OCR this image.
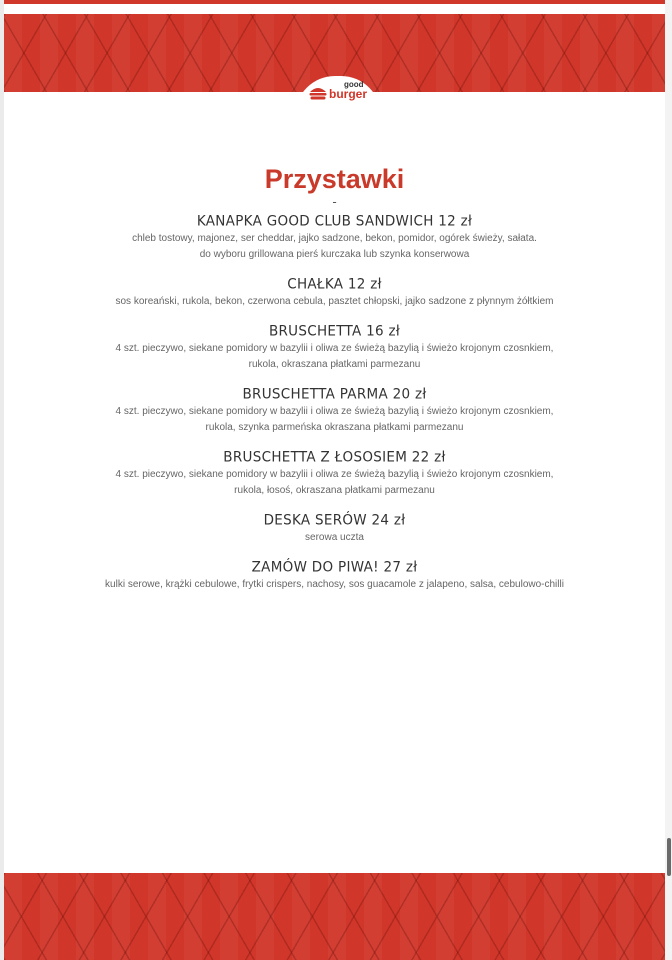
good
burger
Przystawki
-

KANAPKA GOOD CLUB SANDWICH 12 zł

chleb tostowy, majonez, ser cheddar, jajko sadzone, bekon, pomidor, ogórek świeży, sałata.

do wyboru grillowana pierś kurczaka lub szynka konserwowa

CHAŁKA 12 zł

sos koreański, rukola, bekon, czerwona cebula, pasztet chłopski, jajko sadzone z płynnym żółtkiem

BRUSCHETTA 16 zł

4 szt. pieczywo, siekane pomidory w bazylii i oliwa ze świeżą bazylią i świeżo krojonym czosnkiem,

rukola, okraszana płatkami parmezanu

BRUSCHETTA PARMA 20 zł

4 szt. pieczywo, siekane pomidory w bazylii i oliwa ze świeżą bazylią i świeżo krojonym czosnkiem,

rukola, szynka parmeńska okraszana płatkami parmezanu

BRUSCHETTA Z ŁOSOSIEM 22 zł

4 szt. pieczywo, siekane pomidory w bazylii i oliwa ze świeżą bazylią i świeżo krojonym czosnkiem,

rukola, łosoś, okraszana płatkami parmezanu

DESKA SERÓW 24 zł

serowa uczta

ZAMÓW DO PIWA! 27 zł

kulki serowe, krążki cebulowe, frytki crispers, nachosy, sos guacamole z jalapeno, salsa, cebulowo-chilli
